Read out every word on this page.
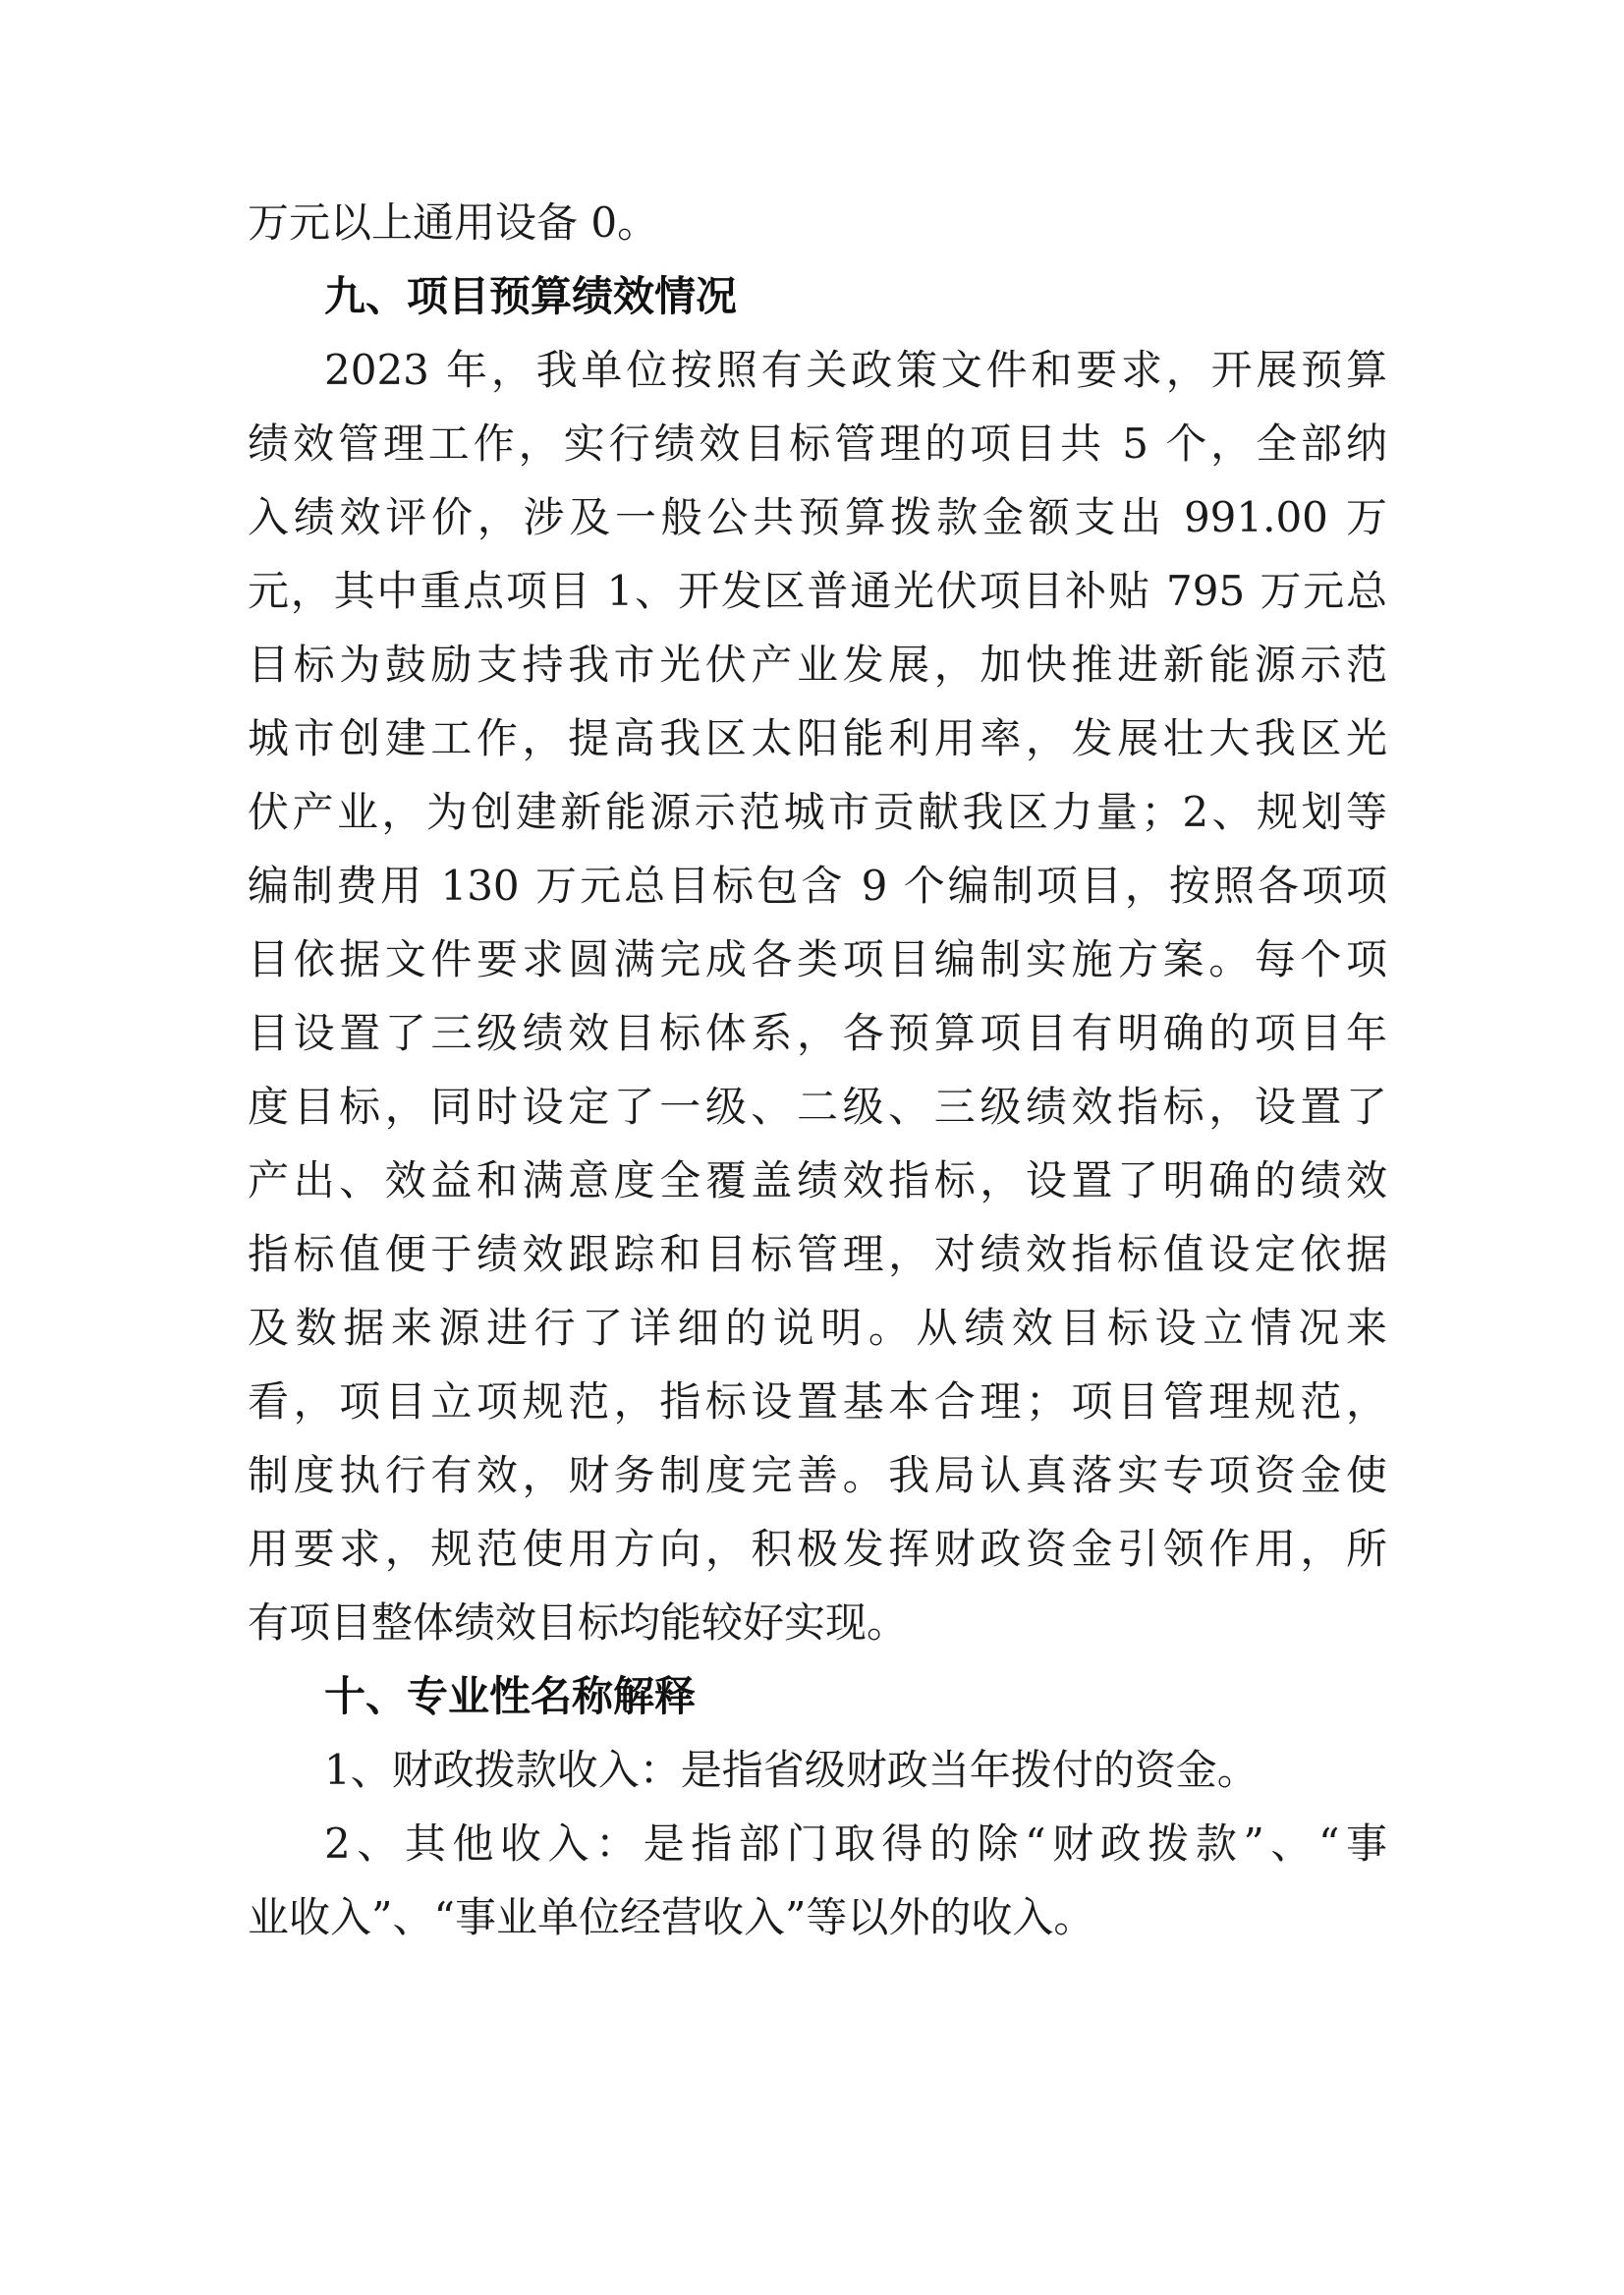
万元以上通用设备 0。
九、项目预算绩效情况
2023 年，我单位按照有关政策文件和要求，开展预算
绩效管理工作，实行绩效目标管理的项目共 5 个，全部纳
入绩效评价，涉及一般公共预算拨款金额支出 991.00 万
元，其中重点项目 1、开发区普通光伏项目补贴 795 万元总
目标为鼓励支持我市光伏产业发展，加快推进新能源示范
城市创建工作，提高我区太阳能利用率，发展壮大我区光
伏产业，为创建新能源示范城市贡献我区力量；2、规划等
编制费用 130 万元总目标包含 9 个编制项目，按照各项项
目依据文件要求圆满完成各类项目编制实施方案。每个项
目设置了三级绩效目标体系，各预算项目有明确的项目年
度目标，同时设定了一级、二级、三级绩效指标，设置了
产出、效益和满意度全覆盖绩效指标，设置了明确的绩效
指标值便于绩效跟踪和目标管理，对绩效指标值设定依据
及数据来源进行了详细的说明。从绩效目标设立情况来
看，项目立项规范，指标设置基本合理；项目管理规范，
制度执行有效，财务制度完善。我局认真落实专项资金使
用要求，规范使用方向，积极发挥财政资金引领作用，所
有项目整体绩效目标均能较好实现。
十、专业性名称解释
1、财政拨款收入：是指省级财政当年拨付的资金。
2、其他收入：是指部门取得的除“财政拨款”、“事
业收入”、“事业单位经营收入”等以外的收入。
